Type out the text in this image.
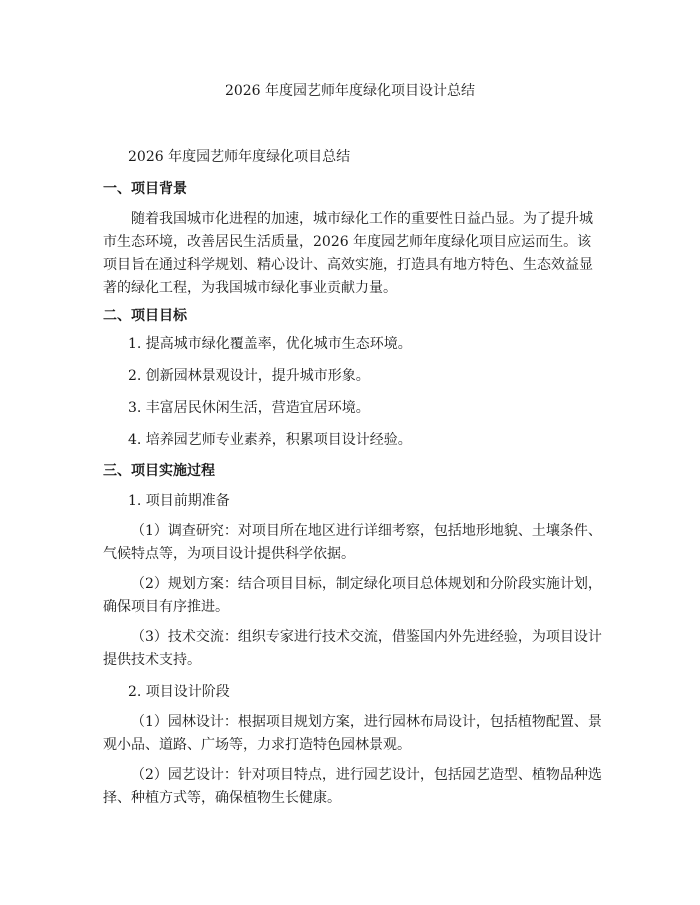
2026 年度园艺师年度绿化项目设计总结
2026 年度园艺师年度绿化项目总结
一、项目背景
随着我国城市化进程的加速，城市绿化工作的重要性日益凸显。为了提升城市生态环境，改善居民生活质量，2026 年度园艺师年度绿化项目应运而生。该项目旨在通过科学规划、精心设计、高效实施，打造具有地方特色、生态效益显著的绿化工程，为我国城市绿化事业贡献力量。
二、项目目标
1. 提高城市绿化覆盖率，优化城市生态环境。
2. 创新园林景观设计，提升城市形象。
3. 丰富居民休闲生活，营造宜居环境。
4. 培养园艺师专业素养，积累项目设计经验。
三、项目实施过程
1. 项目前期准备
（1）调查研究：对项目所在地区进行详细考察，包括地形地貌、土壤条件、气候特点等，为项目设计提供科学依据。
（2）规划方案：结合项目目标，制定绿化项目总体规划和分阶段实施计划，确保项目有序推进。
（3）技术交流：组织专家进行技术交流，借鉴国内外先进经验，为项目设计提供技术支持。
2. 项目设计阶段
（1）园林设计：根据项目规划方案，进行园林布局设计，包括植物配置、景观小品、道路、广场等，力求打造特色园林景观。
（2）园艺设计：针对项目特点，进行园艺设计，包括园艺造型、植物品种选择、种植方式等，确保植物生长健康。
